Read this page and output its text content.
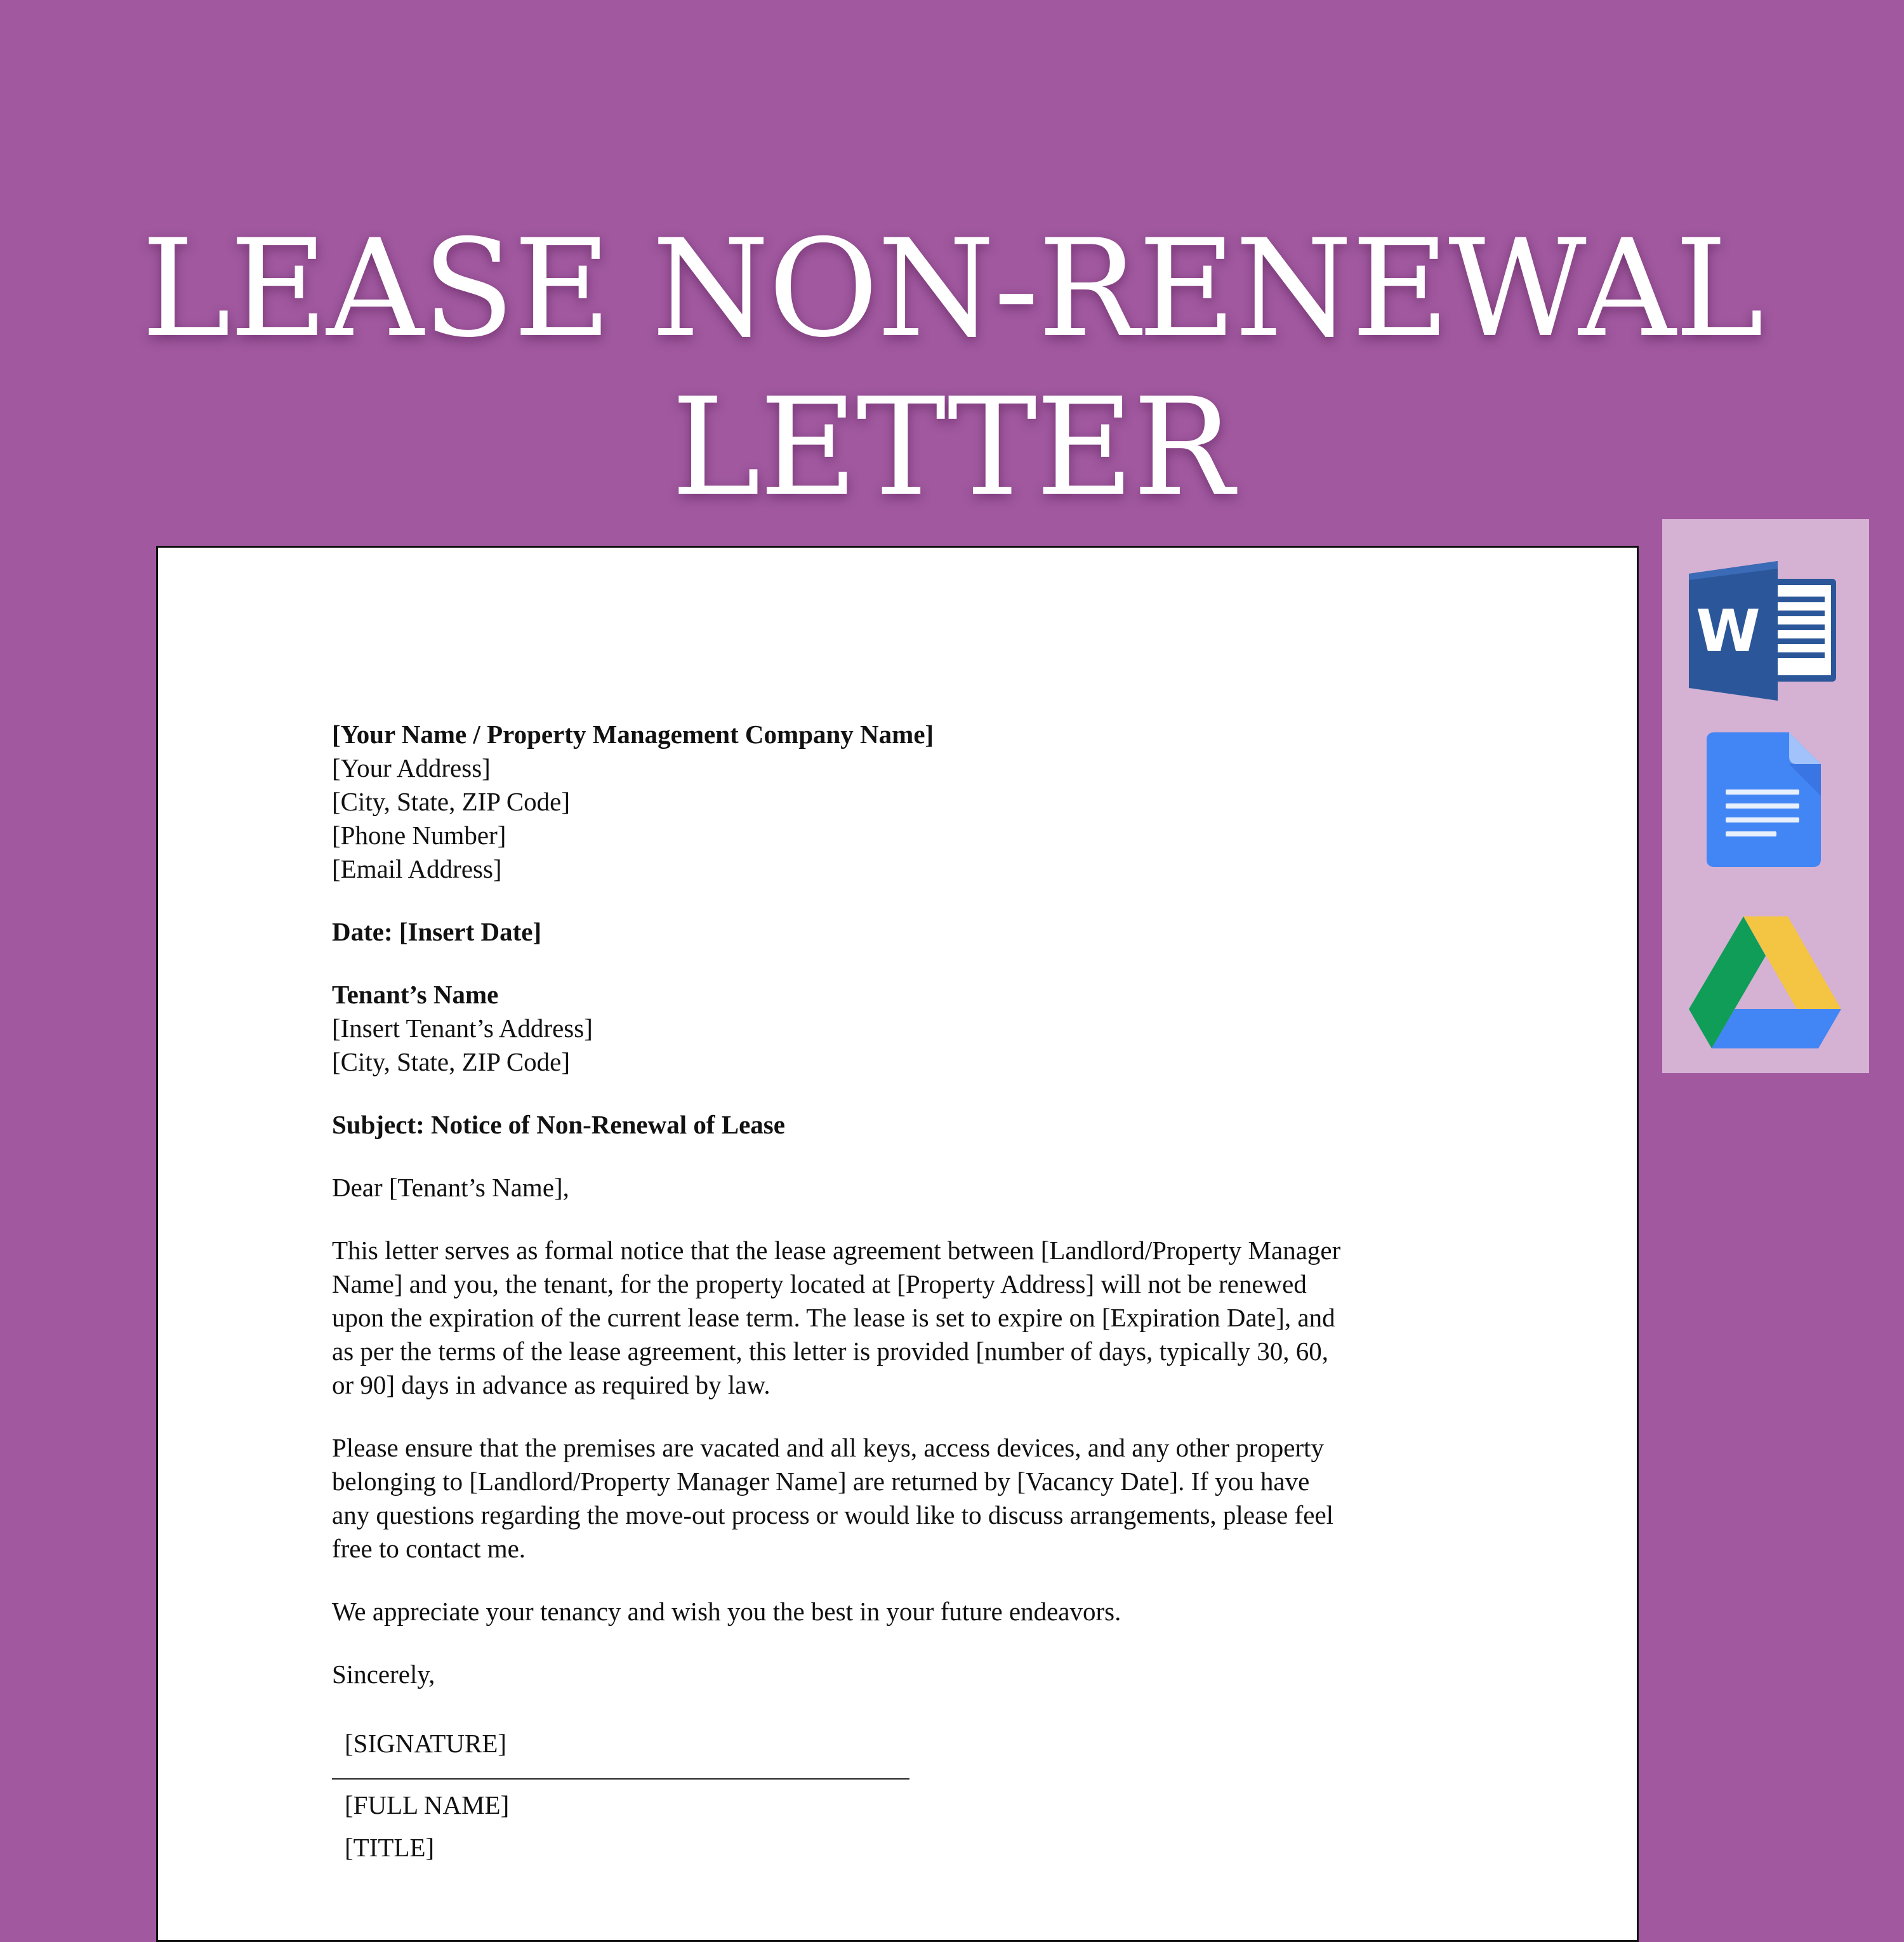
LEASE NON-RENEWAL
LETTER
[Your Name / Property Management Company Name]
[Your Address]
[City, State, ZIP Code]
[Phone Number]
[Email Address]
Date: [Insert Date]
Tenant’s Name
[Insert Tenant’s Address]
[City, State, ZIP Code]
Subject: Notice of Non-Renewal of Lease
Dear [Tenant’s Name],
This letter serves as formal notice that the lease agreement between [Landlord/Property Manager
Name] and you, the tenant, for the property located at [Property Address] will not be renewed
upon the expiration of the current lease term. The lease is set to expire on [Expiration Date], and
as per the terms of the lease agreement, this letter is provided [number of days, typically 30, 60,
or 90] days in advance as required by law.
Please ensure that the premises are vacated and all keys, access devices, and any other property
belonging to [Landlord/Property Manager Name] are returned by [Vacancy Date]. If you have
any questions regarding the move-out process or would like to discuss arrangements, please feel
free to contact me.
We appreciate your tenancy and wish you the best in your future endeavors.
Sincerely,
[SIGNATURE]
[FULL NAME]
[TITLE]
W
